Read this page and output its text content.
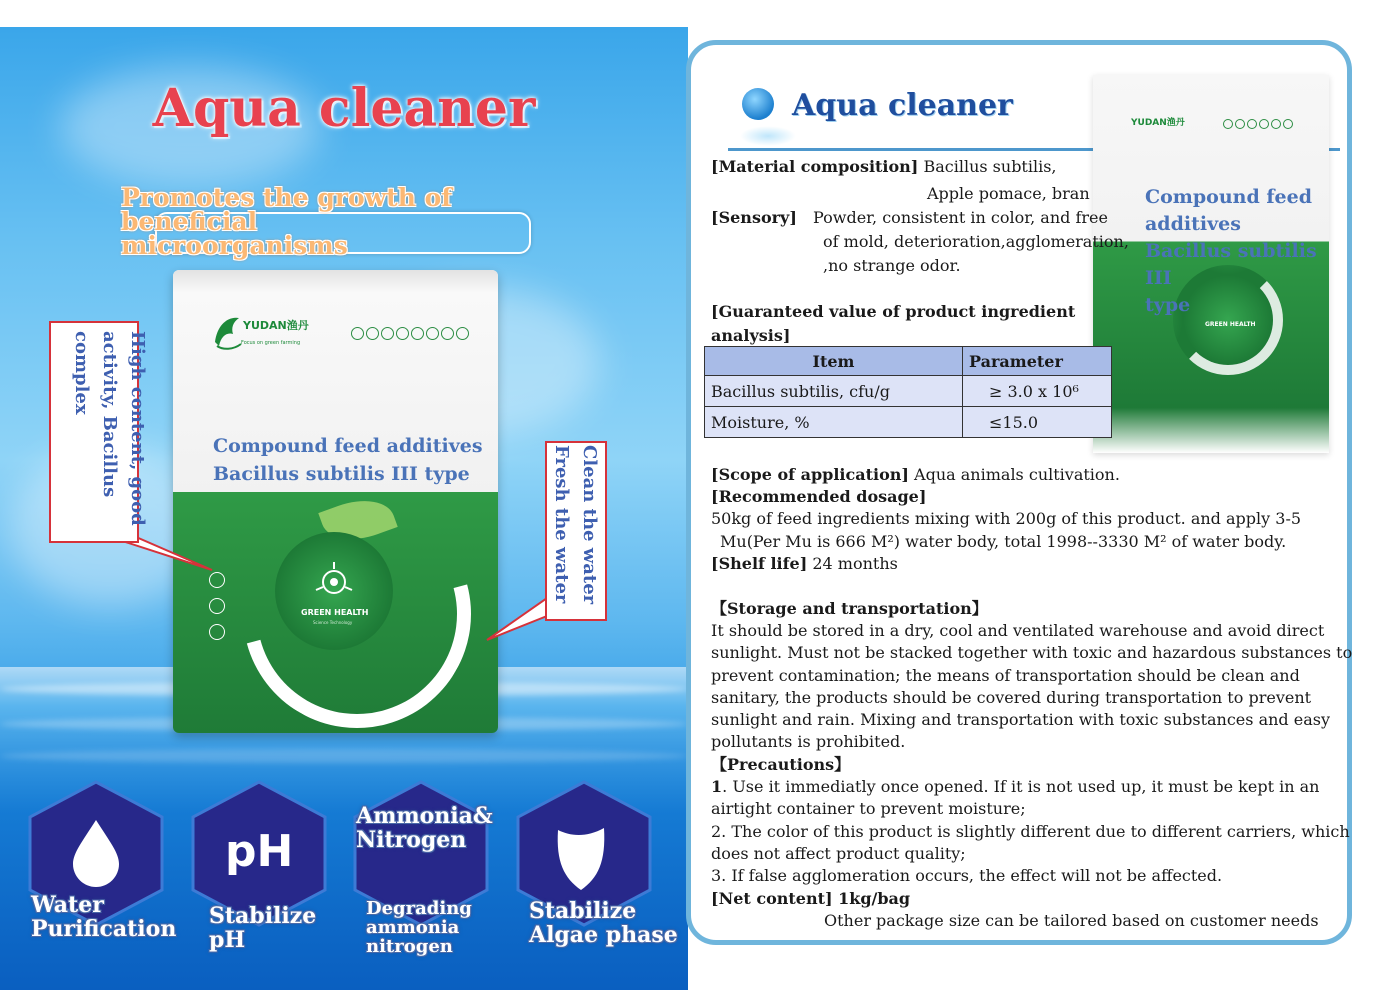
Aqua cleaner
Promotes the growth of beneficial
microorganisms
YUDAN渔丹
Focus on green farming
Compound feed additives
Bacillus subtilis III type
GREEN HEALTH
Science Technology
High content, good activity, Bacillus complex
Clean the water Fresh the water
pH
Water
Purification Stabilize
pH
Ammonia&
Nitrogen
Degrading
ammonia
nitrogen
Stabilize
Algae phase
Aqua cleaner	YUDAN渔丹
GREEN HEALTH
Compound feed
additives
Bacillus subtilis III
type
[Material composition] Bacillus subtilis,
Apple pomace, bran
[Sensory] Powder, consistent in color, and free
of mold, deterioration,agglomeration,
,no strange odor.
[Guaranteed value of product ingredient
analysis]
Item	Parameter
Bacillus subtilis, cfu/g	≥ 3.0 x 10⁶
Moisture, %	≤15.0
[Scope of application] Aqua animals cultivation.
[Recommended dosage]
50kg of feed ingredients mixing with 200g of this product. and apply 3-5
Mu(Per Mu is 666 M²) water body, total 1998--3330 M² of water body.
[Shelf life] 24 months
【Storage and transportation】
It should be stored in a dry, cool and ventilated warehouse and avoid direct
sunlight. Must not be stacked together with toxic and hazardous substances to
prevent contamination; the means of transportation should be clean and
sanitary, the products should be covered during transportation to prevent
sunlight and rain. Mixing and transportation with toxic substances and easy
pollutants is prohibited.
【Precautions】
1. Use it immediatly once opened. If it is not used up, it must be kept in an
airtight container to prevent moisture;
2. The color of this product is slightly different due to different carriers, which
does not affect product quality;
3. If false agglomeration occurs, the effect will not be affected.
[Net content] 1kg/bag
Other package size can be tailored based on customer needs
